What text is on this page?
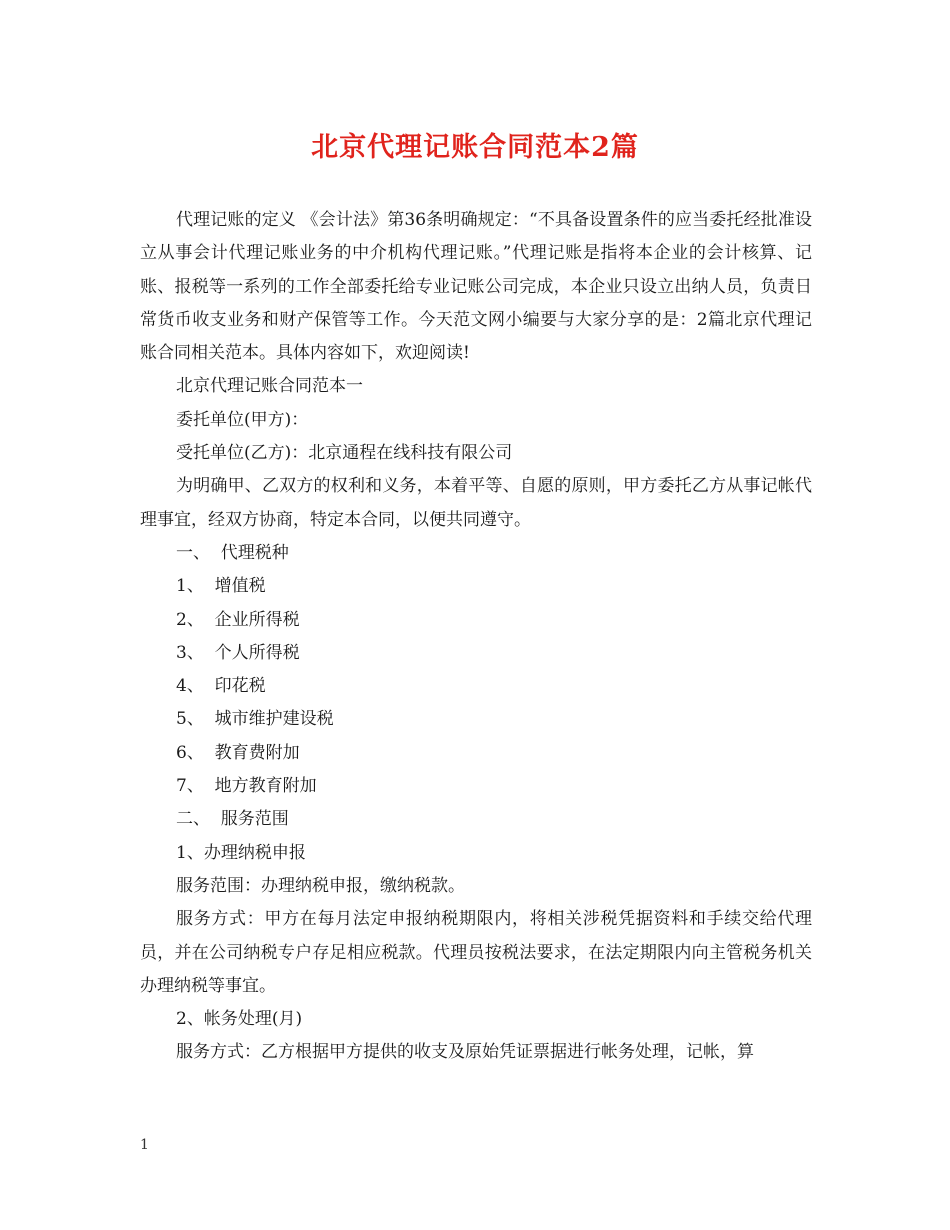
北京代理记账合同范本2篇

代理记账的定义 《会计法》第36条明确规定：“不具备设置条件的应当委托经批准设立从事会计代理记账业务的中介机构代理记账。”代理记账是指将本企业的会计核算、记账、报税等一系列的工作全部委托给专业记账公司完成，本企业只设立出纳人员，负责日常货币收支业务和财产保管等工作。今天范文网小编要与大家分享的是：2篇北京代理记账合同相关范本。具体内容如下，欢迎阅读!

北京代理记账合同范本一

委托单位(甲方)：

受托单位(乙方)：北京通程在线科技有限公司

为明确甲、乙双方的权利和义务，本着平等、自愿的原则，甲方委托乙方从事记帐代理事宜，经双方协商，特定本合同，以便共同遵守。

一、  代理税种

1、  增值税

2、  企业所得税

3、  个人所得税

4、  印花税

5、  城市维护建设税

6、  教育费附加

7、  地方教育附加

二、  服务范围

1、办理纳税申报

服务范围：办理纳税申报，缴纳税款。

服务方式：甲方在每月法定申报纳税期限内，将相关涉税凭据资料和手续交给代理员，并在公司纳税专户存足相应税款。代理员按税法要求，在法定期限内向主管税务机关办理纳税等事宜。

2、帐务处理(月)

服务方式：乙方根据甲方提供的收支及原始凭证票据进行帐务处理，记帐，算

1
